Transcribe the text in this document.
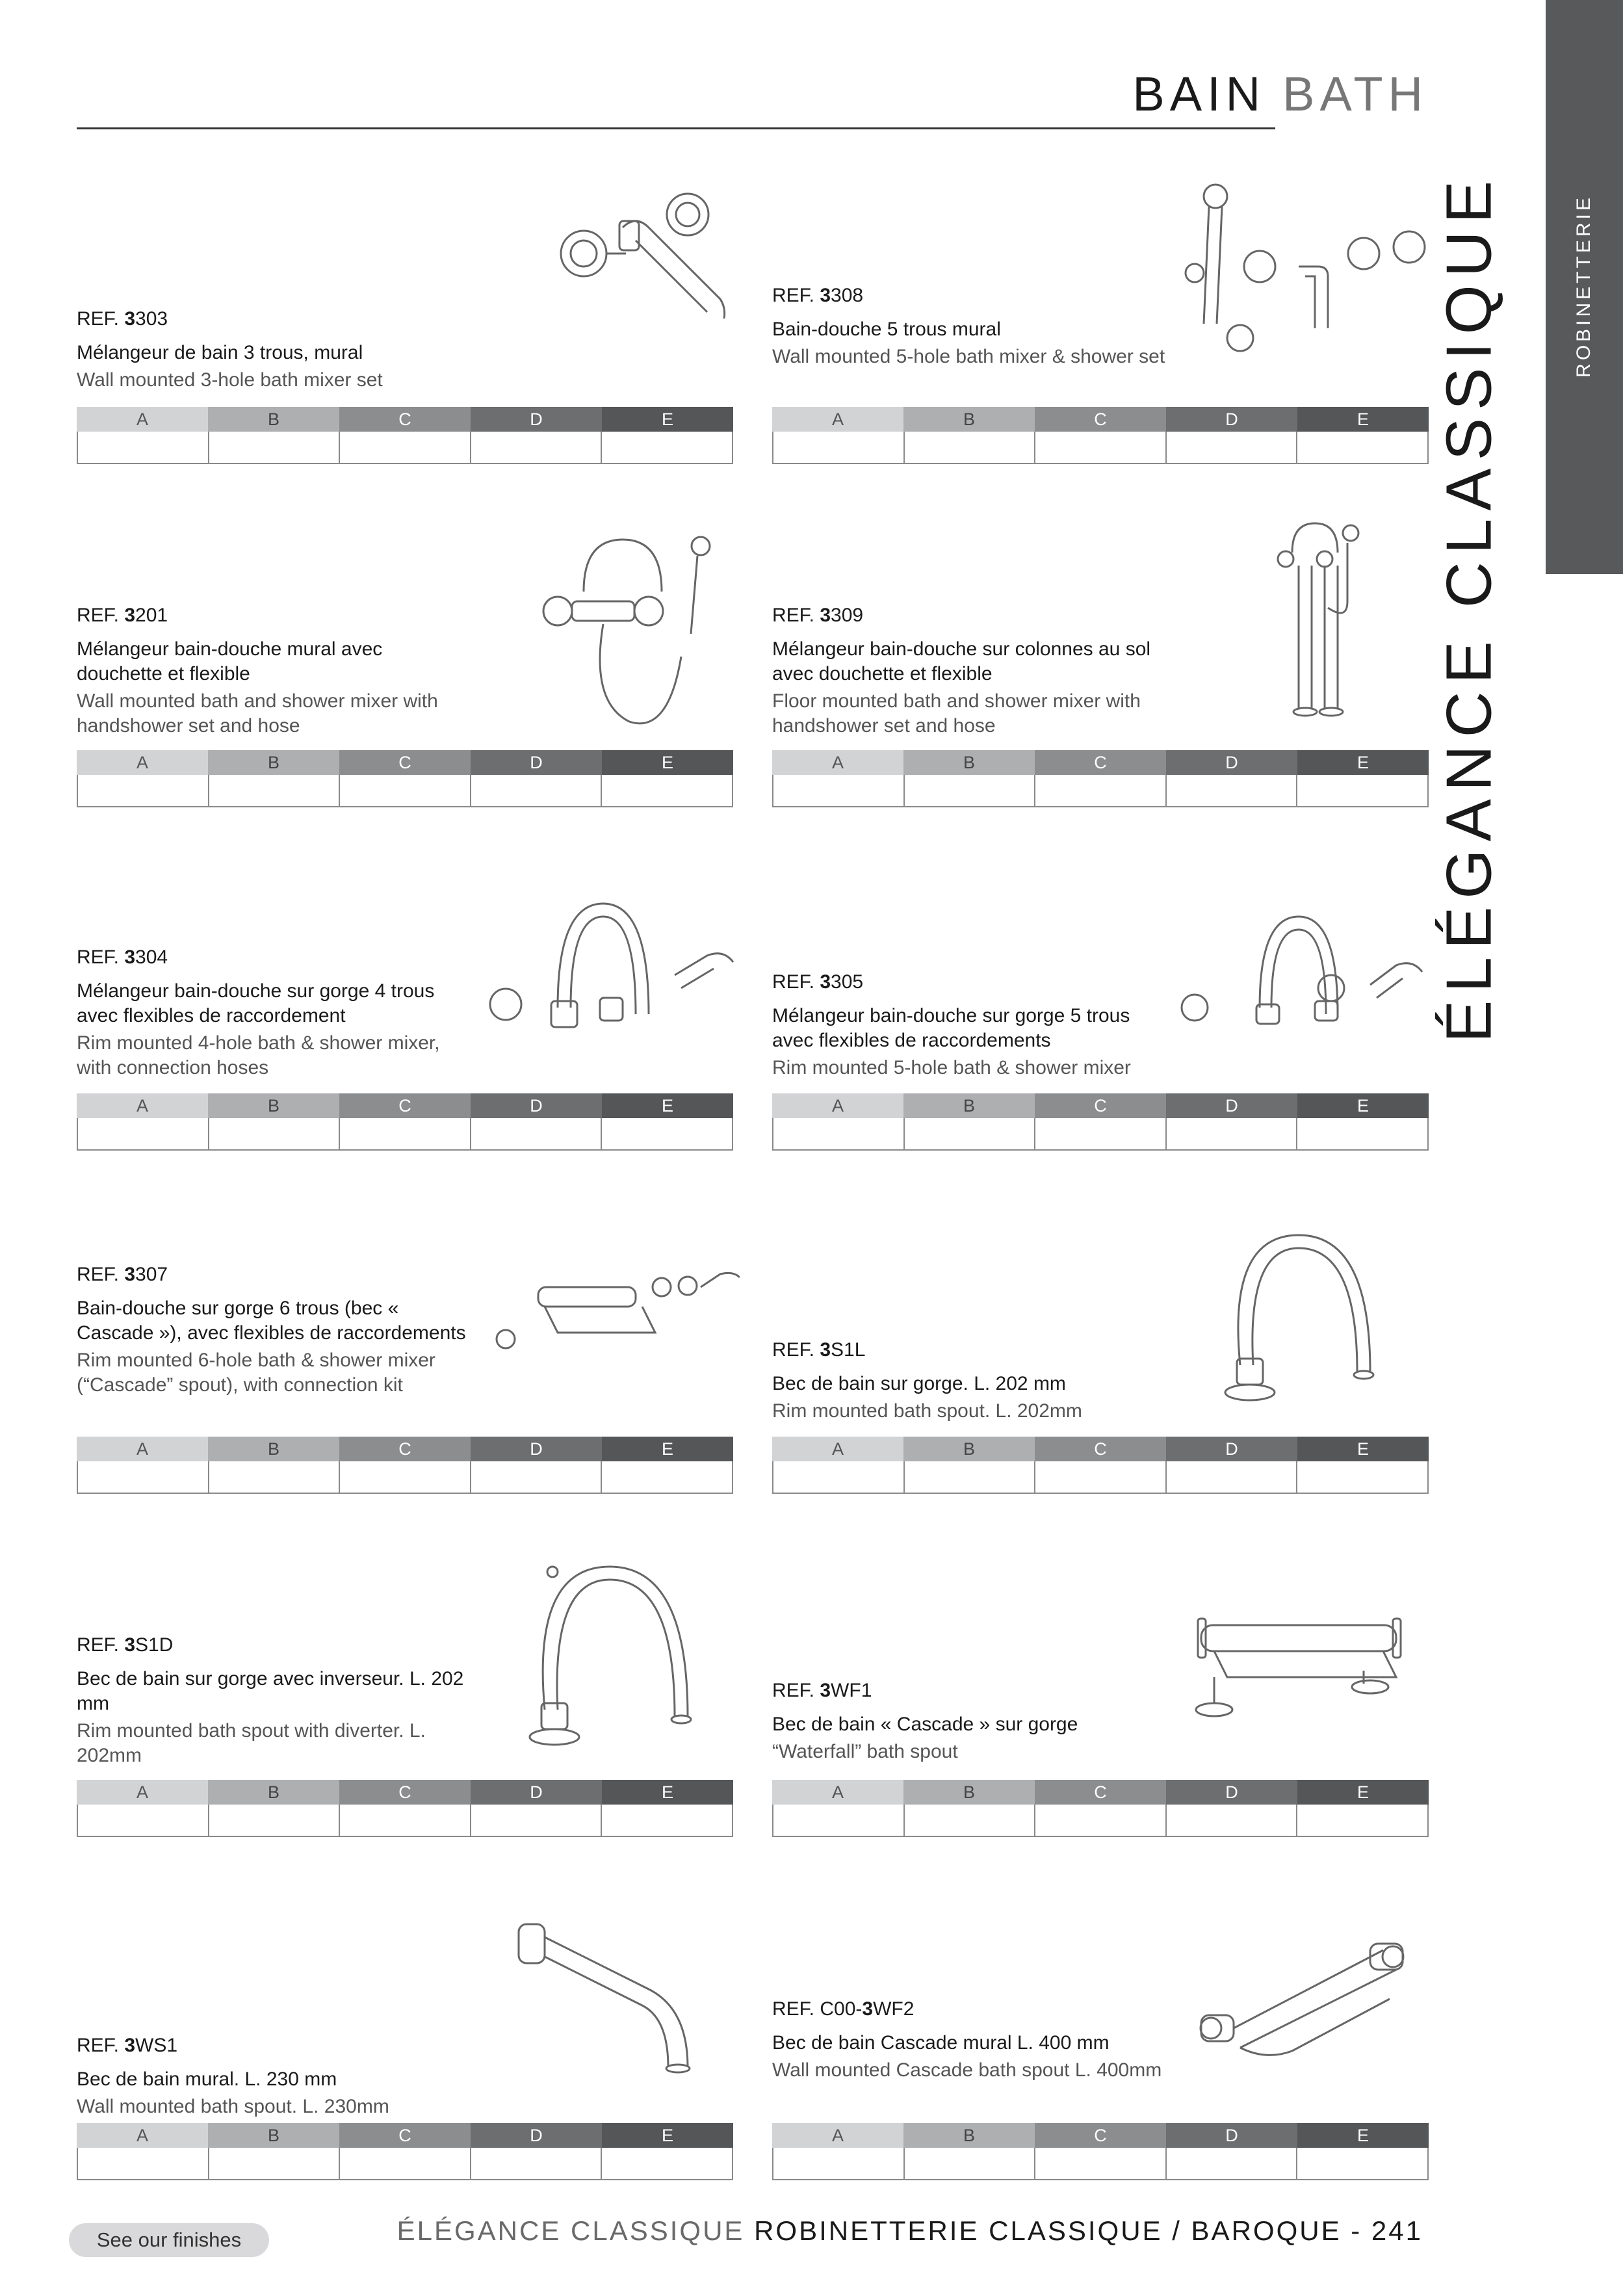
BAIN BATH
ROBINETTERIE
ÉLÉGANCE CLASSIQUE
REF. 3303
Mélangeur de bain 3 trous, mural
Wall mounted 3-hole bath mixer set
A	B	C	D	E
REF. 3308
Bain-douche 5 trous mural
Wall mounted 5-hole bath mixer & shower set
A	B	C	D	E
REF. 3201
Mélangeur bain-douche mural avec douchette et flexible
Wall mounted bath and shower mixer with handshower set and hose
A	B	C	D	E
REF. 3309
Mélangeur bain-douche sur colonnes au sol avec douchette et flexible
Floor mounted bath and shower mixer with handshower set and hose
A	B	C	D	E
REF. 3304
Mélangeur bain-douche sur gorge 4 trous avec flexibles de raccordement
Rim mounted 4-hole bath & shower mixer, with connection hoses
A	B	C	D	E
REF. 3305
Mélangeur bain-douche sur gorge 5 trous avec flexibles de raccordements
Rim mounted 5-hole bath & shower mixer
A	B	C	D	E
REF. 3307
Bain-douche sur gorge 6 trous (bec « Cascade »), avec flexibles de raccordements
Rim mounted 6-hole bath & shower mixer (“Cascade” spout), with connection kit
A	B	C	D	E
REF. 3S1L
Bec de bain sur gorge. L. 202 mm
Rim mounted bath spout. L. 202mm
A	B	C	D	E
REF. 3S1D
Bec de bain sur gorge avec inverseur. L. 202 mm
Rim mounted bath spout with diverter. L. 202mm
A	B	C	D	E
REF. 3WF1
Bec de bain « Cascade » sur gorge
“Waterfall” bath spout
A	B	C	D	E
REF. 3WS1
Bec de bain mural. L. 230 mm
Wall mounted bath spout. L. 230mm
A	B	C	D	E
REF. C00-3WF2
Bec de bain Cascade mural L. 400 mm
Wall mounted Cascade bath spout L. 400mm
A	B	C	D	E
See our finishes	ÉLÉGANCE CLASSIQUE ROBINETTERIE CLASSIQUE / BAROQUE - 241
